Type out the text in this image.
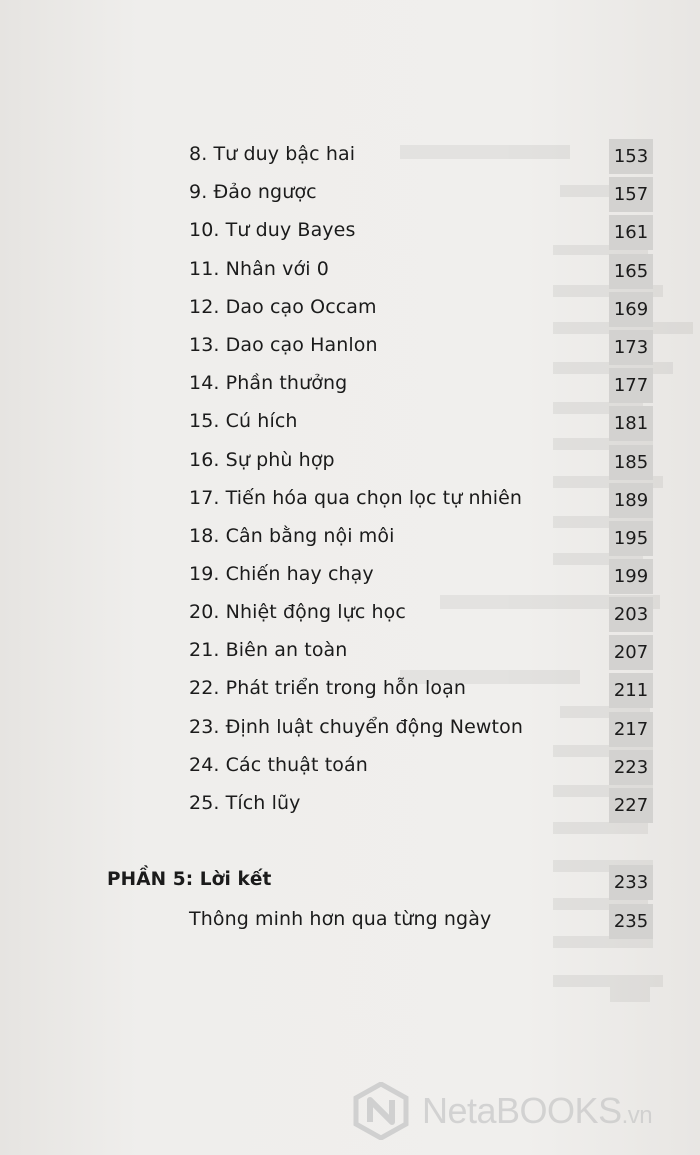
8. Tư duy bậc hai	153
9. Đảo ngược	157
10. Tư duy Bayes	161
11. Nhân với 0	165
12. Dao cạo Occam	169
13. Dao cạo Hanlon	173
14. Phần thưởng	177
15. Cú hích	181
16. Sự phù hợp	185
17. Tiến hóa qua chọn lọc tự nhiên	189
18. Cân bằng nội môi	195
19. Chiến hay chạy	199
20. Nhiệt động lực học	203
21. Biên an toàn	207
22. Phát triển trong hỗn loạn	211
23. Định luật chuyển động Newton	217
24. Các thuật toán	223
25. Tích lũy	227
PHẦN 5: Lời kết	233
Thông minh hơn qua từng ngày	235
NetaBOOKS.vn
